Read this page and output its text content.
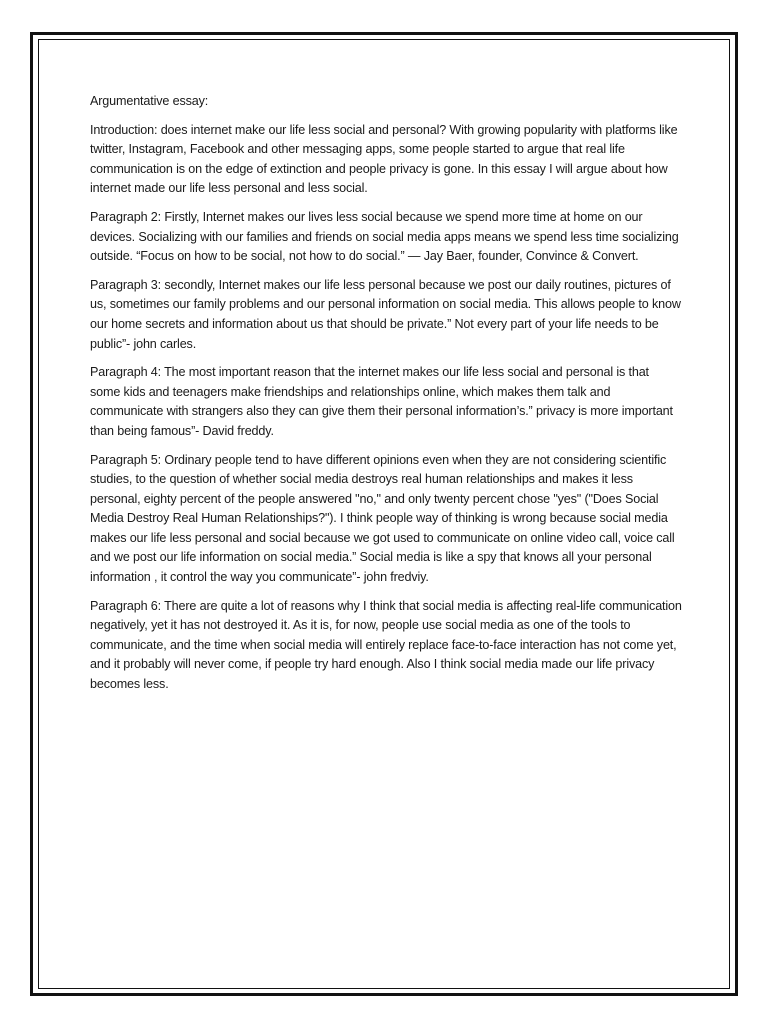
Argumentative essay:

Introduction: does internet make our life less social and personal? With growing popularity with platforms like twitter, Instagram, Facebook and other messaging apps, some people started to argue that real life communication is on the edge of extinction and people privacy is gone. In this essay I will argue about how internet made our life less personal and less social.

Paragraph 2: Firstly, Internet makes our lives less social because we spend more time at home on our devices. Socializing with our families and friends on social media apps means we spend less time socializing outside. “Focus on how to be social, not how to do social.” — Jay Baer, founder, Convince & Convert.

Paragraph 3: secondly, Internet makes our life less personal because we post our daily routines, pictures of us, sometimes our family problems and our personal information on social media. This allows people to know our home secrets and information about us that should be private.” Not every part of your life needs to be public”- john carles.

Paragraph 4: The most important reason that the internet makes our life less social and personal is that some kids and teenagers make friendships and relationships online, which makes them talk and communicate with strangers also they can give them their personal information’s.” privacy is more important than being famous”- David freddy.

Paragraph 5: Ordinary people tend to have different opinions even when they are not considering scientific studies, to the question of whether social media destroys real human relationships and makes it less personal, eighty percent of the people answered "no," and only twenty percent chose "yes" ("Does Social Media Destroy Real Human Relationships?"). I think people way of thinking is wrong because social media makes our life less personal and social because we got used to communicate on online video call, voice call and we post our life information on social media.” Social media is like a spy that knows all your personal information , it control the way you communicate”- john fredviy.

Paragraph 6: There are quite a lot of reasons why I think that social media is affecting real-life communication negatively, yet it has not destroyed it. As it is, for now, people use social media as one of the tools to communicate, and the time when social media will entirely replace face-to-face interaction has not come yet, and it probably will never come, if people try hard enough. Also I think social media made our life privacy becomes less.
